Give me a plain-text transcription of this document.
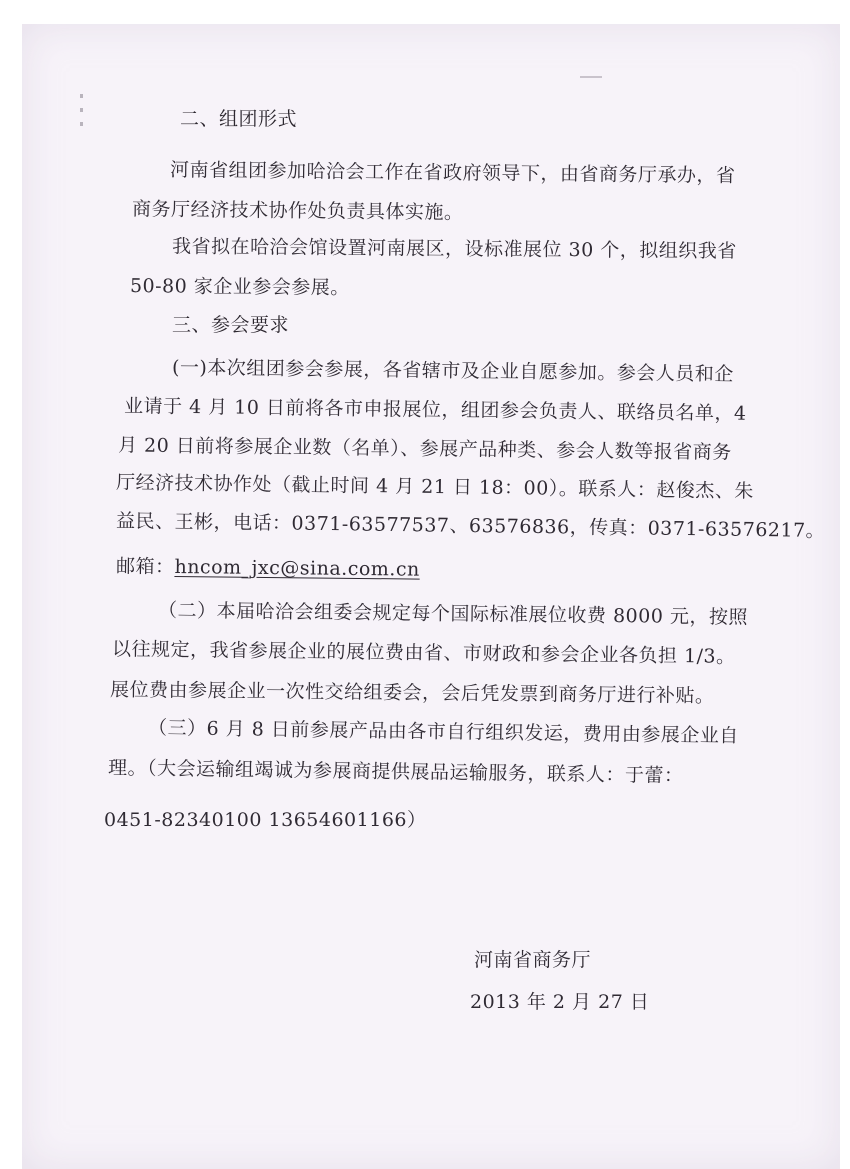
二、组团形式
河南省组团参加哈洽会工作在省政府领导下，由省商务厅承办，省
商务厅经济技术协作处负责具体实施。
我省拟在哈洽会馆设置河南展区，设标准展位 30 个，拟组织我省
50-80 家企业参会参展。
三、参会要求
(一)本次组团参会参展，各省辖市及企业自愿参加。参会人员和企
业请于 4 月 10 日前将各市申报展位，组团参会负责人、联络员名单，4
月 20 日前将参展企业数（名单）、参展产品种类、参会人数等报省商务
厅经济技术协作处（截止时间 4 月 21 日 18：00）。联系人：赵俊杰、朱
益民、王彬，电话：0371-63577537、63576836，传真：0371-63576217。
邮箱：hncom_jxc@sina.com.cn
（二）本届哈洽会组委会规定每个国际标准展位收费 8000 元，按照
以往规定，我省参展企业的展位费由省、市财政和参会企业各负担 1/3。
展位费由参展企业一次性交给组委会，会后凭发票到商务厅进行补贴。
（三）6 月 8 日前参展产品由各市自行组织发运，费用由参展企业自
理。（大会运输组竭诚为参展商提供展品运输服务，联系人：于蕾：
0451-82340100 13654601166）
河南省商务厅
2013 年 2 月 27 日
